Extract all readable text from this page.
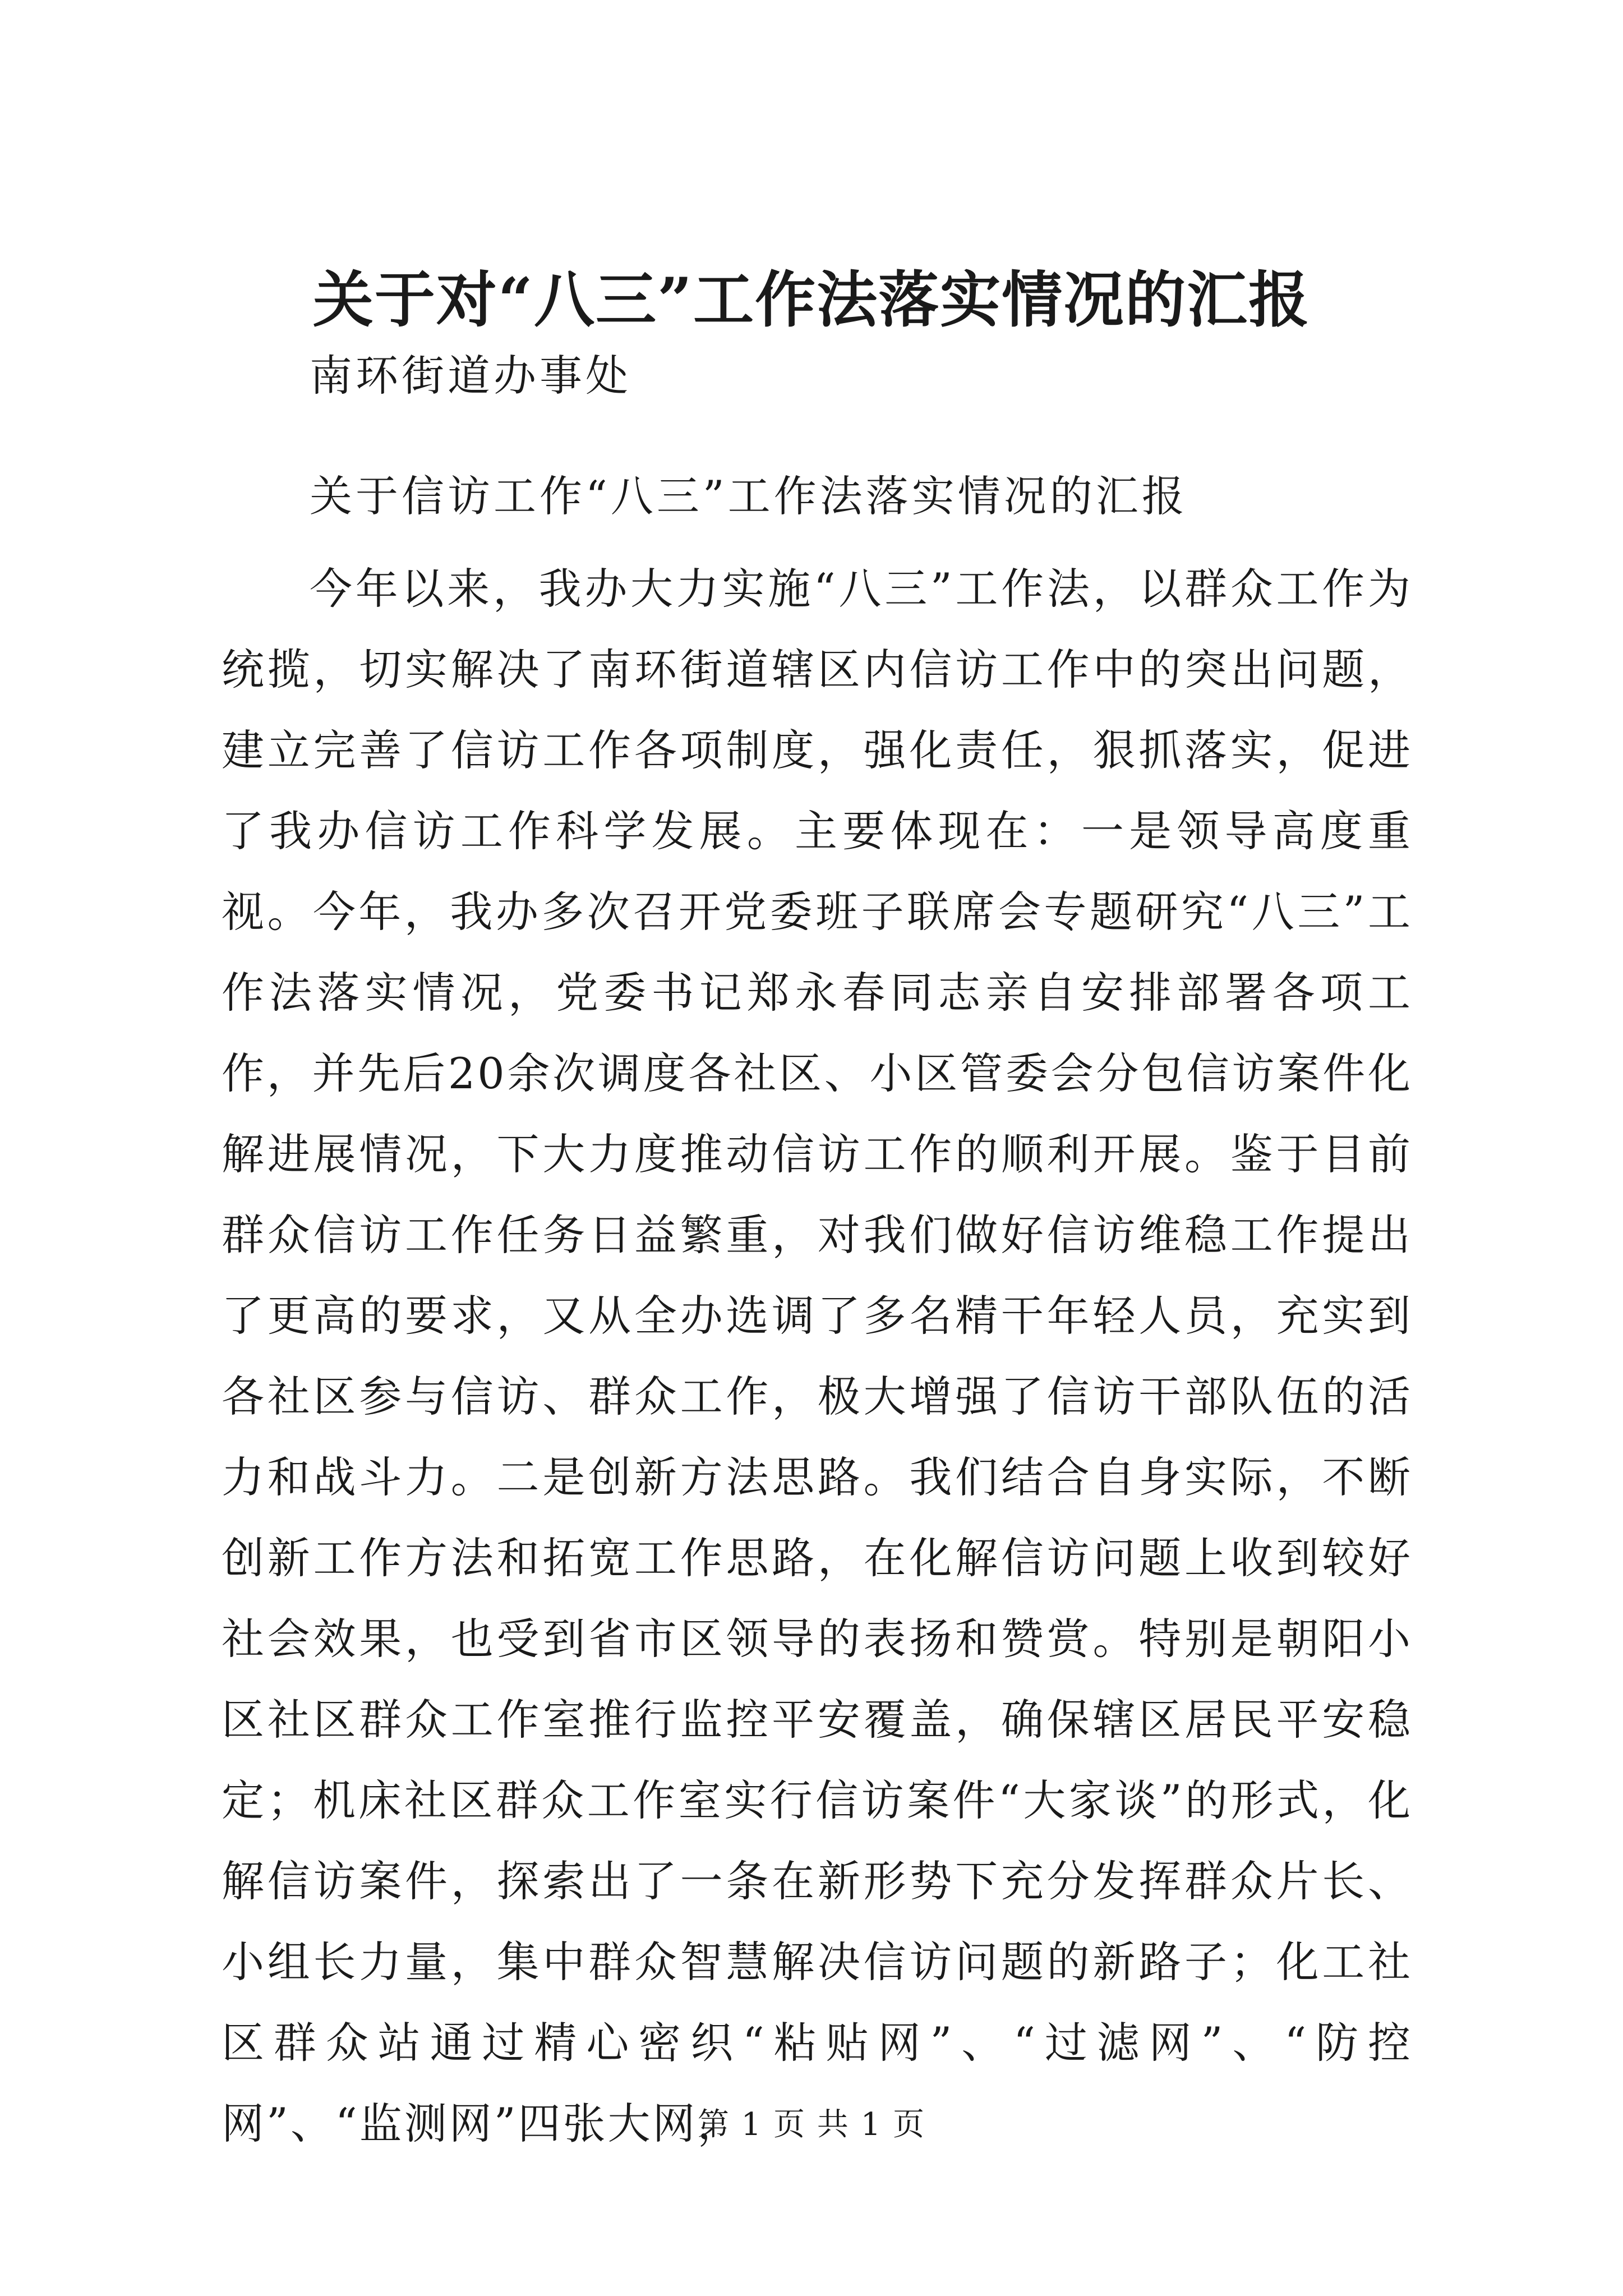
关于对“八三”工作法落实情况的汇报
南环街道办事处
关于信访工作“八三”工作法落实情况的汇报
今年以来，我办大力实施“八三”工作法，以群众工作为统揽，切实解决了南环街道辖区内信访工作中的突出问题，建立完善了信访工作各项制度，强化责任，狠抓落实，促进了我办信访工作科学发展。主要体现在：一是领导高度重视。今年，我办多次召开党委班子联席会专题研究“八三”工作法落实情况，党委书记郑永春同志亲自安排部署各项工作，并先后20余次调度各社区、小区管委会分包信访案件化解进展情况，下大力度推动信访工作的顺利开展。鉴于目前群众信访工作任务日益繁重，对我们做好信访维稳工作提出了更高的要求，又从全办选调了多名精干年轻人员，充实到各社区参与信访、群众工作，极大增强了信访干部队伍的活力和战斗力。二是创新方法思路。我们结合自身实际，不断创新工作方法和拓宽工作思路，在化解信访问题上收到较好社会效果，也受到省市区领导的表扬和赞赏。特别是朝阳小区社区群众工作室推行监控平安覆盖，确保辖区居民平安稳定；机床社区群众工作室实行信访案件“大家谈”的形式，化解信访案件，探索出了一条在新形势下充分发挥群众片长、小组长力量，集中群众智慧解决信访问题的新路子；化工社区群众站通过精心密织“粘贴网”、“过滤网”、“防控网”、“监测网”四张大网，
第 1 页 共 1 页
